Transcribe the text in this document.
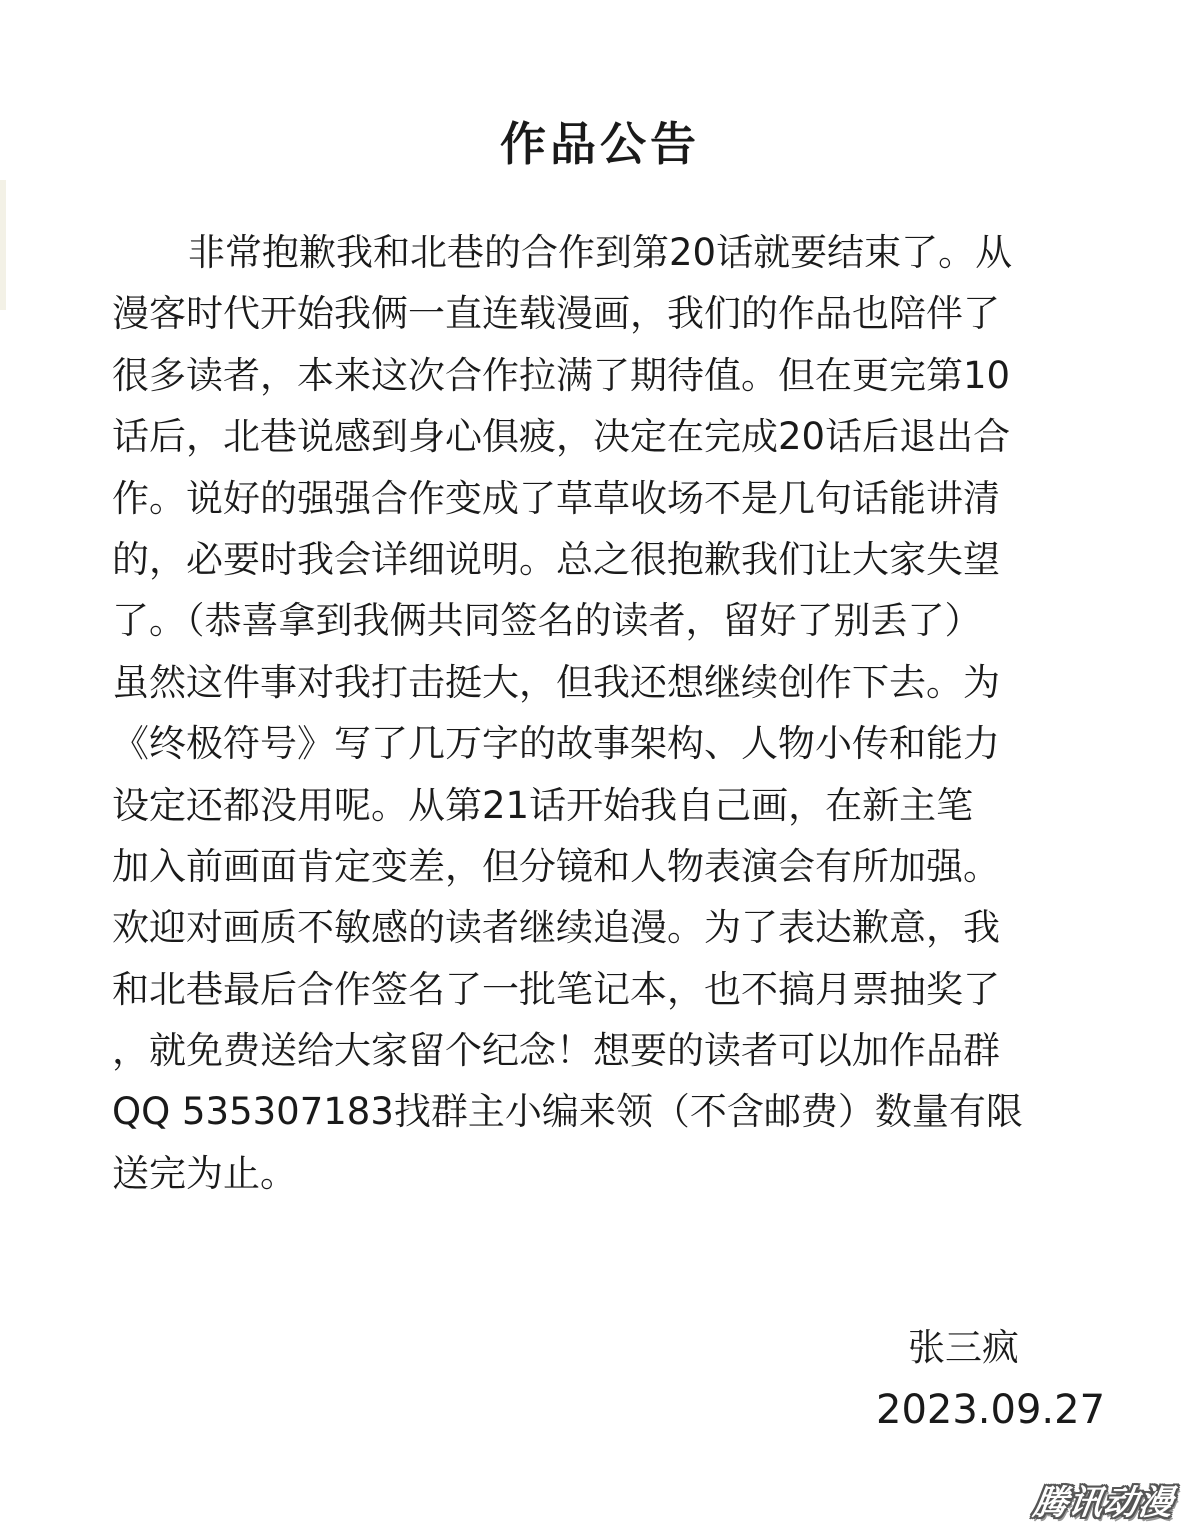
作品公告
非常抱歉我和北巷的合作到第20话就要结束了。从
漫客时代开始我俩一直连载漫画，我们的作品也陪伴了
很多读者，本来这次合作拉满了期待值。但在更完第10
话后，北巷说感到身心俱疲，决定在完成20话后退出合
作。说好的强强合作变成了草草收场不是几句话能讲清
的，必要时我会详细说明。总之很抱歉我们让大家失望
了。（恭喜拿到我俩共同签名的读者，留好了别丢了）
虽然这件事对我打击挺大，但我还想继续创作下去。为
《终极符号》写了几万字的故事架构、人物小传和能力
设定还都没用呢。从第21话开始我自己画，在新主笔
加入前画面肯定变差，但分镜和人物表演会有所加强。
欢迎对画质不敏感的读者继续追漫。为了表达歉意，我
和北巷最后合作签名了一批笔记本，也不搞月票抽奖了
，就免费送给大家留个纪念！想要的读者可以加作品群
QQ 535307183找群主小编来领（不含邮费）数量有限
送完为止。
张三疯
2023.09.27
腾讯动漫
